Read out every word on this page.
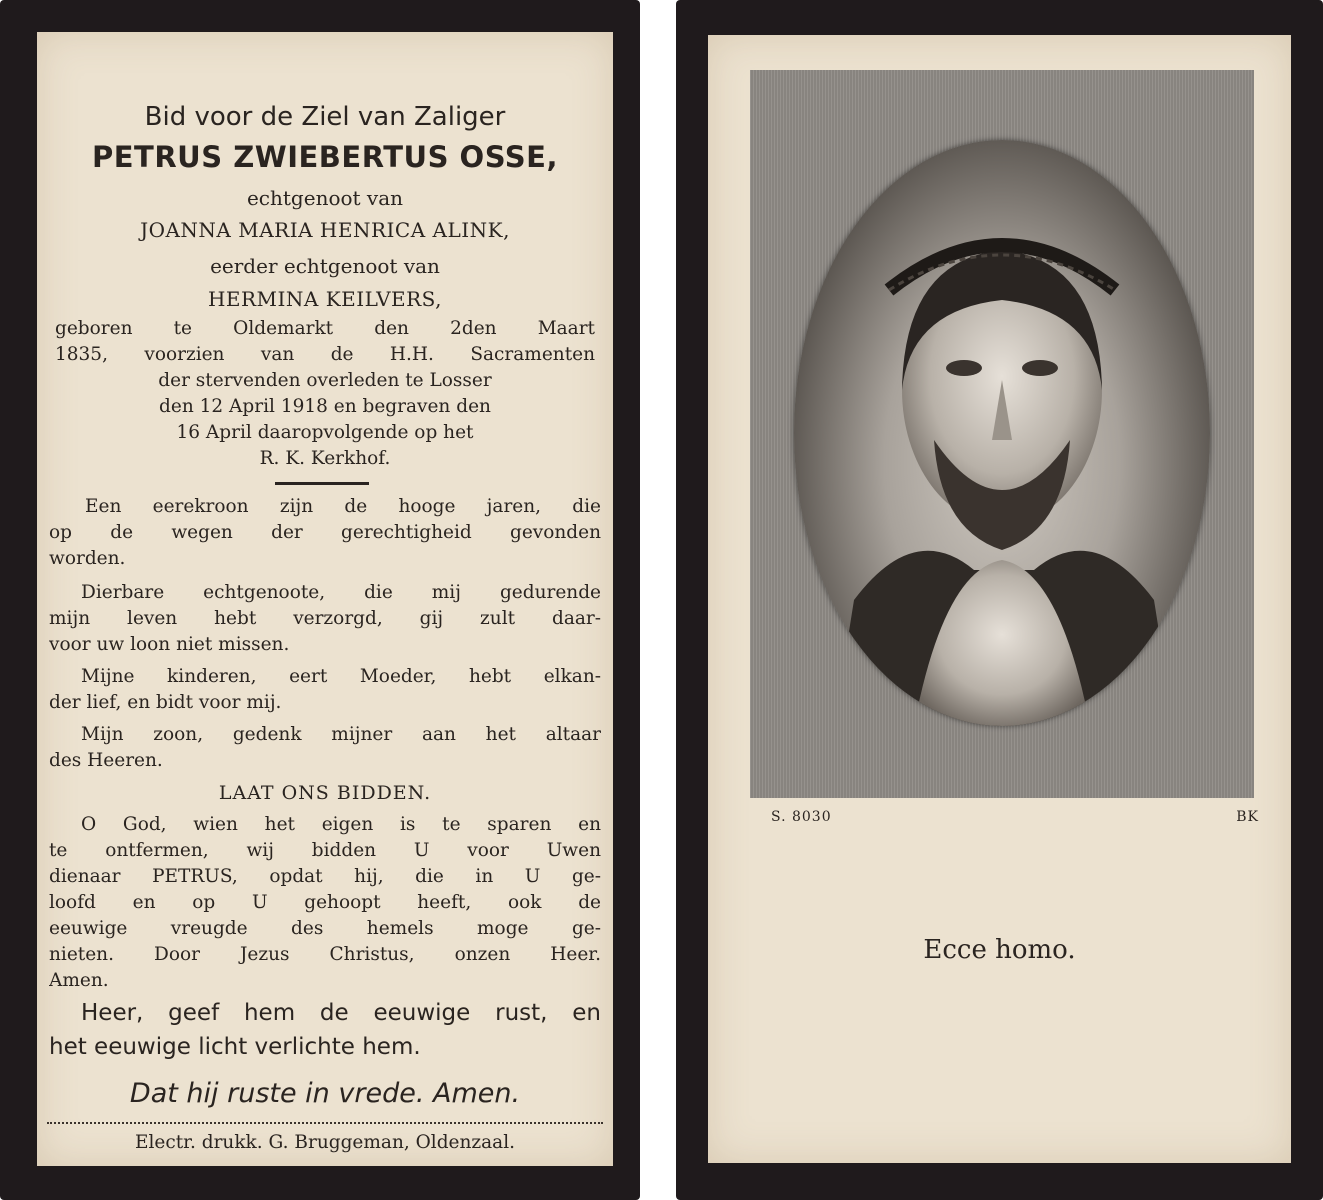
Bid voor de Ziel van Zaliger
PETRUS ZWIEBERTUS OSSE,
echtgenoot van
JOANNA MARIA HENRICA ALINK,
eerder echtgenoot van
HERMINA KEILVERS,
geboren te Oldemarkt den 2den Maart
1835, voorzien van de H.H. Sacramenten
der stervenden overleden te Losser
den 12 April 1918 en begraven den
16 April daaropvolgende op het
R. K. Kerkhof.
Een eerekroon zijn de hooge jaren, die
op de wegen der gerechtigheid gevonden
worden.
Dierbare echtgenoote, die mij gedurende
mijn leven hebt verzorgd, gij zult daar-
voor uw loon niet missen.
Mijne kinderen, eert Moeder, hebt elkan-
der lief, en bidt voor mij.
Mijn zoon, gedenk mijner aan het altaar
des Heeren.
LAAT ONS BIDDEN.
O God, wien het eigen is te sparen en
te ontfermen, wij bidden U voor Uwen
dienaar PETRUS, opdat hij, die in U ge-
loofd en op U gehoopt heeft, ook de
eeuwige vreugde des hemels moge ge-
nieten. Door Jezus Christus, onzen Heer.
Amen.
Heer, geef hem de eeuwige rust, en
het eeuwige licht verlichte hem.
Dat hij ruste in vrede. Amen.
Electr. drukk. G. Bruggeman, Oldenzaal.
S. 8030	BK
Ecce homo.
